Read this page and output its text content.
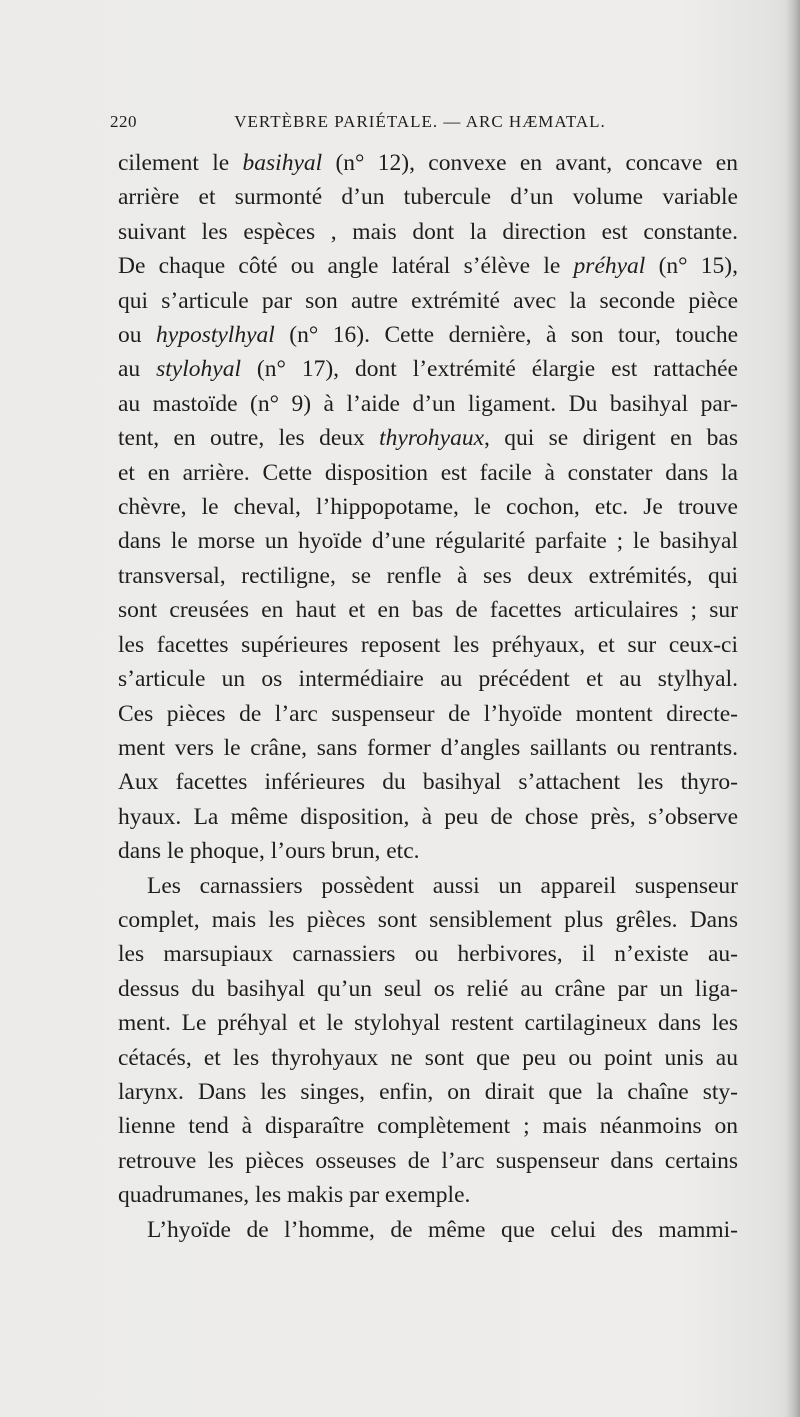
220	VERTÈBRE PARIÉTALE. — ARC HÆMATAL.
cilement le basihyal (n° 12), convexe en avant, concave en
arrière et surmonté d’un tubercule d’un volume variable
suivant les espèces , mais dont la direction est constante.
De chaque côté ou angle latéral s’élève le préhyal (n° 15),
qui s’articule par son autre extrémité avec la seconde pièce
ou hypostylhyal (n° 16). Cette dernière, à son tour, touche
au stylohyal (n° 17), dont l’extrémité élargie est rattachée
au mastoïde (n° 9) à l’aide d’un ligament. Du basihyal par-
tent, en outre, les deux thyrohyaux, qui se dirigent en bas
et en arrière. Cette disposition est facile à constater dans la
chèvre, le cheval, l’hippopotame, le cochon, etc. Je trouve
dans le morse un hyoïde d’une régularité parfaite ; le basihyal
transversal, rectiligne, se renfle à ses deux extrémités, qui
sont creusées en haut et en bas de facettes articulaires ; sur
les facettes supérieures reposent les préhyaux, et sur ceux-ci
s’articule un os intermédiaire au précédent et au stylhyal.
Ces pièces de l’arc suspenseur de l’hyoïde montent directe-
ment vers le crâne, sans former d’angles saillants ou rentrants.
Aux facettes inférieures du basihyal s’attachent les thyro-
hyaux. La même disposition, à peu de chose près, s’observe
dans le phoque, l’ours brun, etc.
Les carnassiers possèdent aussi un appareil suspenseur
complet, mais les pièces sont sensiblement plus grêles. Dans
les marsupiaux carnassiers ou herbivores, il n’existe au-
dessus du basihyal qu’un seul os relié au crâne par un liga-
ment. Le préhyal et le stylohyal restent cartilagineux dans les
cétacés, et les thyrohyaux ne sont que peu ou point unis au
larynx. Dans les singes, enfin, on dirait que la chaîne sty-
lienne tend à disparaître complètement ; mais néanmoins on
retrouve les pièces osseuses de l’arc suspenseur dans certains
quadrumanes, les makis par exemple.
L’hyoïde de l’homme, de même que celui des mammi-
